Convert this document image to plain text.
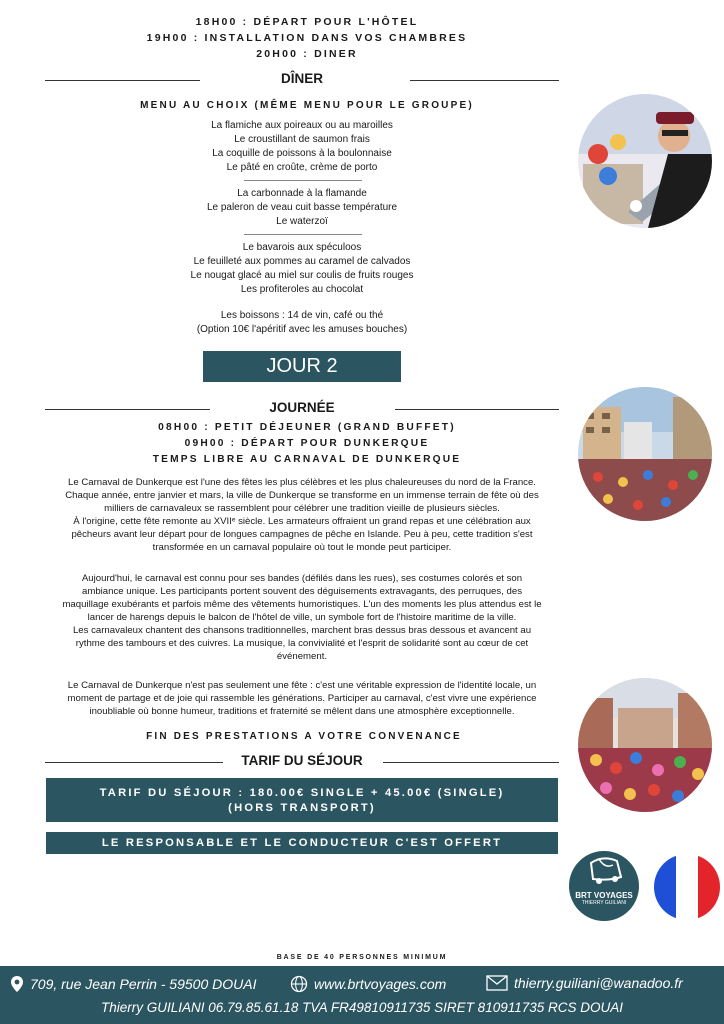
18H00 : DÉPART POUR L'HÔTEL
19H00 : INSTALLATION DANS VOS CHAMBRES
20H00 : DINER
DÎNER
MENU AU CHOIX (MÊME MENU POUR LE GROUPE)
La flamiche aux poireaux ou au maroilles
Le croustillant de saumon frais
La coquille de poissons à la boulonnaise
Le pâté en croûte, crème de porto
La carbonnade à la flamande
Le paleron de veau cuit basse température
Le waterzoï
Le bavarois aux spéculoos
Le feuilleté aux pommes au caramel de calvados
Le nougat glacé au miel sur coulis de fruits rouges
Les profiteroles au chocolat
Les boissons : 14 de vin, café ou thé
(Option 10€ l'apéritif avec les amuses bouches)
JOUR 2
JOURNÉE
08H00 : PETIT DÉJEUNER (GRAND BUFFET)
09H00 : DÉPART POUR DUNKERQUE
TEMPS LIBRE AU CARNAVAL DE DUNKERQUE
Le Carnaval de Dunkerque est l'une des fêtes les plus célèbres et les plus chaleureuses du nord de la France.
Chaque année, entre janvier et mars, la ville de Dunkerque se transforme en un immense terrain de fête où des
milliers de carnavaleux se rassemblent pour célébrer une tradition vieille de plusieurs siècles.
À l'origine, cette fête remonte au XVIIᵉ siècle. Les armateurs offraient un grand repas et une célébration aux
pêcheurs avant leur départ pour de longues campagnes de pêche en Islande. Peu à peu, cette tradition s'est
transformée en un carnaval populaire où tout le monde peut participer.
Aujourd'hui, le carnaval est connu pour ses bandes (défilés dans les rues), ses costumes colorés et son
ambiance unique. Les participants portent souvent des déguisements extravagants, des perruques, des
maquillage exubérants et parfois même des vêtements humoristiques. L'un des moments les plus attendus est le
lancer de harengs depuis le balcon de l'hôtel de ville, un symbole fort de l'histoire maritime de la ville.
Les carnavaleux chantent des chansons traditionnelles, marchent bras dessus bras dessous et avancent au
rythme des tambours et des cuivres. La musique, la convivialité et l'esprit de solidarité sont au cœur de cet
événement.
Le Carnaval de Dunkerque n'est pas seulement une fête : c'est une véritable expression de l'identité locale, un
moment de partage et de joie qui rassemble les générations. Participer au carnaval, c'est vivre une expérience
inoubliable où bonne humeur, traditions et fraternité se mêlent dans une atmosphère exceptionnelle.
FIN DES PRESTATIONS A VOTRE CONVENANCE
TARIF DU SÉJOUR
TARIF DU SÉJOUR : 180.00€ SINGLE + 45.00€ (SINGLE)
(HORS TRANSPORT)
LE RESPONSABLE ET LE CONDUCTEUR C'EST OFFERT
BRT VOYAGES
THIERRY GUILIANI
BASE DE 40 PERSONNES MINIMUM
709, rue Jean Perrin - 59500 DOUAI	www.brtvoyages.com	thierry.guiliani@wanadoo.fr
Thierry GUILIANI 06.79.85.61.18 TVA FR49810911735 SIRET 810911735 RCS DOUAI
